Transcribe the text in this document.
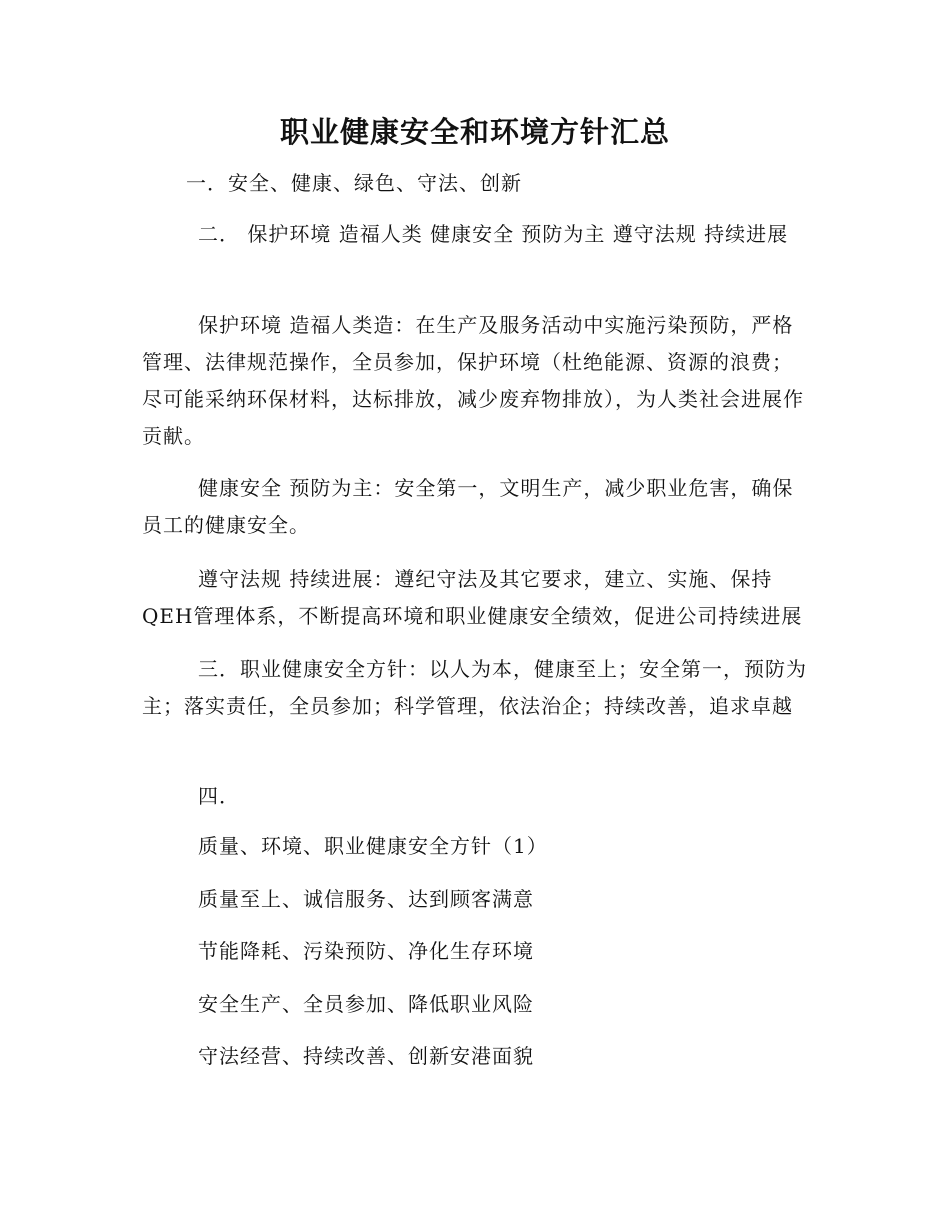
职业健康安全和环境方针汇总

一．安全、健康、绿色、守法、创新

二． 保护环境 造福人类 健康安全 预防为主 遵守法规 持续进展

保护环境 造福人类造：在生产及服务活动中实施污染预防，严格管理、法律规范操作，全员参加，保护环境（杜绝能源、资源的浪费；尽可能采纳环保材料，达标排放，减少废弃物排放），为人类社会进展作贡献。

健康安全 预防为主：安全第一，文明生产，减少职业危害，确保员工的健康安全。

遵守法规 持续进展：遵纪守法及其它要求，建立、实施、保持QEH管理体系，不断提高环境和职业健康安全绩效，促进公司持续进展

三．职业健康安全方针：以人为本，健康至上；安全第一，预防为主；落实责任，全员参加；科学管理，依法治企；持续改善，追求卓越

四．

质量、环境、职业健康安全方针（1）

质量至上、诚信服务、达到顾客满意

节能降耗、污染预防、净化生存环境

安全生产、全员参加、降低职业风险

守法经营、持续改善、创新安港面貌
